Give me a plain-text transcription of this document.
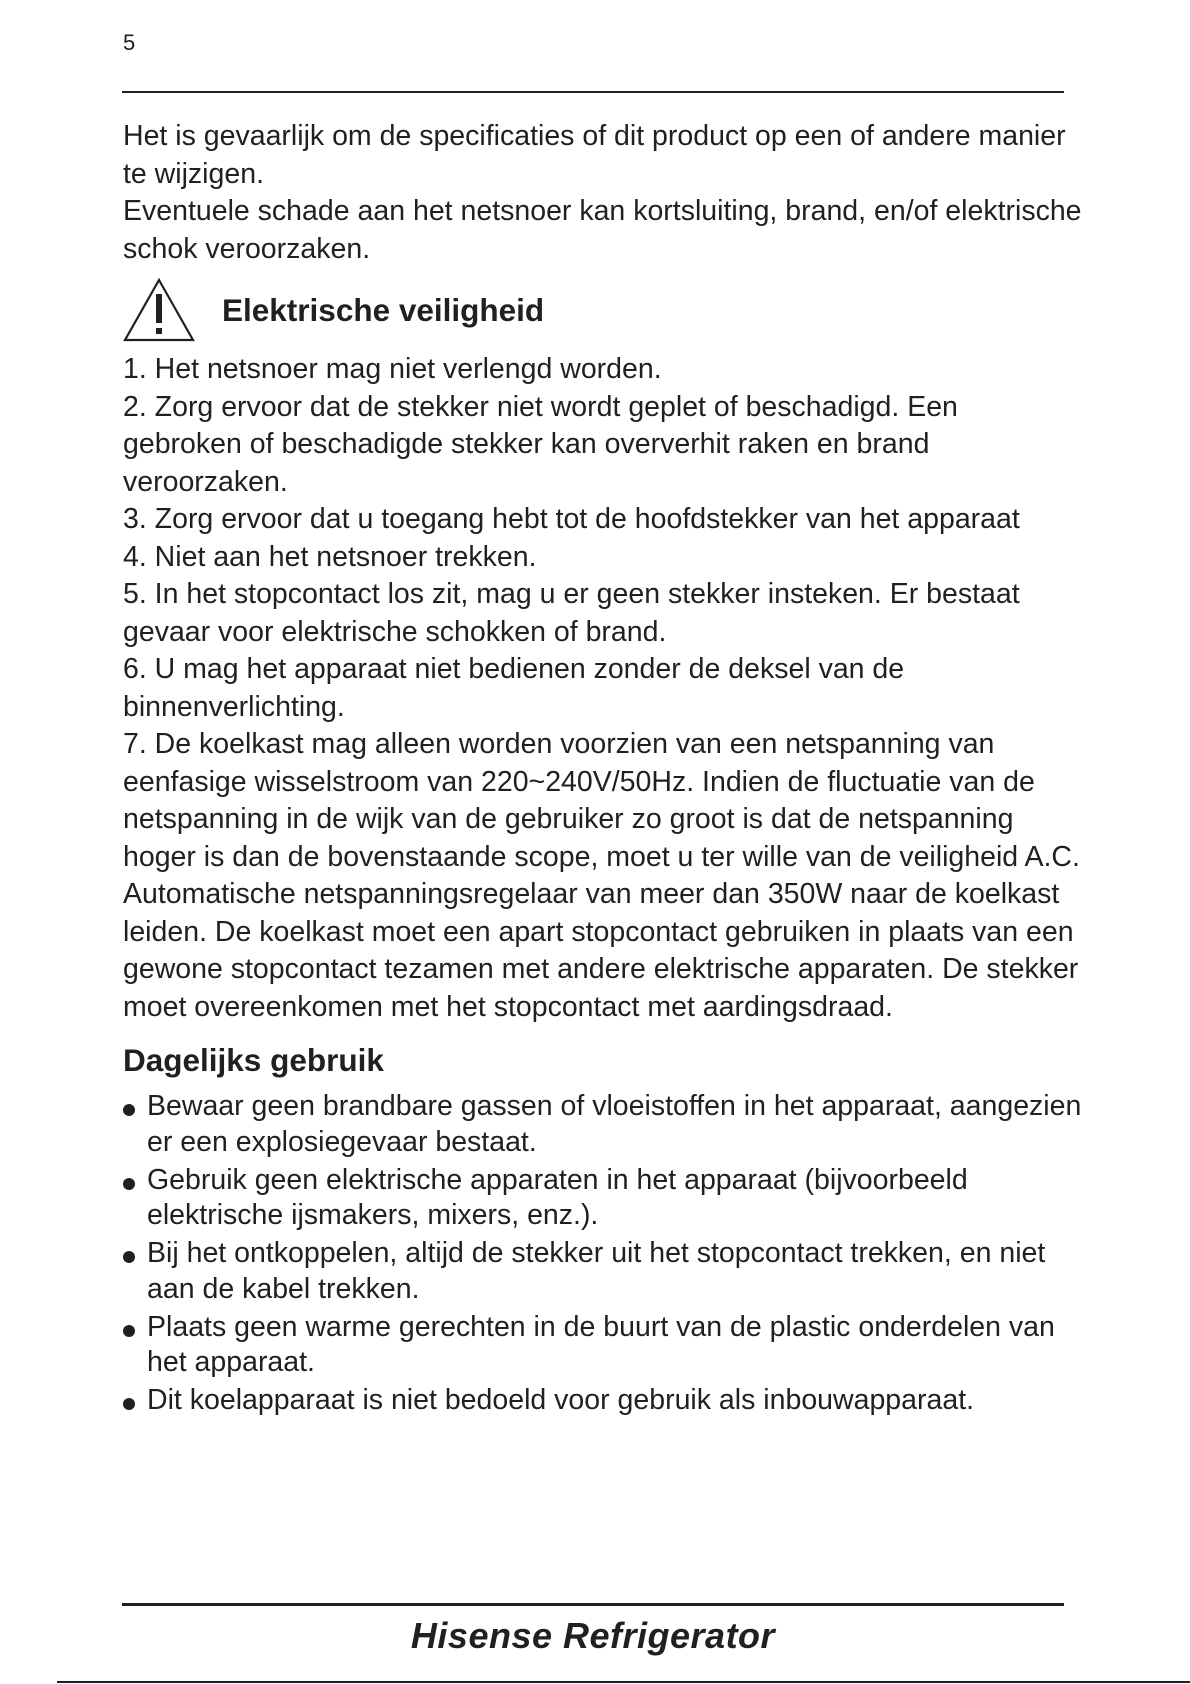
5

Het is gevaarlijk om de specificaties of dit product op een of andere manier te wijzigen.

Eventuele schade aan het netsnoer kan kortsluiting, brand, en/of elektrische schok veroorzaken.

Elektrische veiligheid

1. Het netsnoer mag niet verlengd worden.

2. Zorg ervoor dat de stekker niet wordt geplet of beschadigd. Een gebroken of beschadigde stekker kan oververhit raken en brand veroorzaken.

3. Zorg ervoor dat u toegang hebt tot de hoofdstekker van het apparaat

4. Niet aan het netsnoer trekken.

5. In het stopcontact los zit, mag u er geen stekker insteken. Er bestaat gevaar voor elektrische schokken of brand.

6. U mag het apparaat niet bedienen zonder de deksel van de binnenverlichting.

7. De koelkast mag alleen worden voorzien van een netspanning van eenfasige wisselstroom van 220~240V/50Hz. Indien de fluctuatie van de netspanning in de wijk van de gebruiker zo groot is dat de netspanning hoger is dan de bovenstaande scope, moet u ter wille van de veiligheid A.C. Automatische netspanningsregelaar van meer dan 350W naar de koelkast leiden. De koelkast moet een apart stopcontact gebruiken in plaats van een gewone stopcontact tezamen met andere elektrische apparaten. De stekker moet overeenkomen met het stopcontact met aardingsdraad.

Dagelijks gebruik
Bewaar geen brandbare gassen of vloeistoffen in het apparaat, aangezien er een explosiegevaar bestaat.
Gebruik geen elektrische apparaten in het apparaat (bijvoorbeeld elektrische ijsmakers, mixers, enz.).
Bij het ontkoppelen, altijd de stekker uit het stopcontact trekken, en niet aan de kabel trekken.
Plaats geen warme gerechten in de buurt van de plastic onderdelen van het apparaat.
Dit koelapparaat is niet bedoeld voor gebruik als inbouwapparaat.
Hisense Refrigerator
